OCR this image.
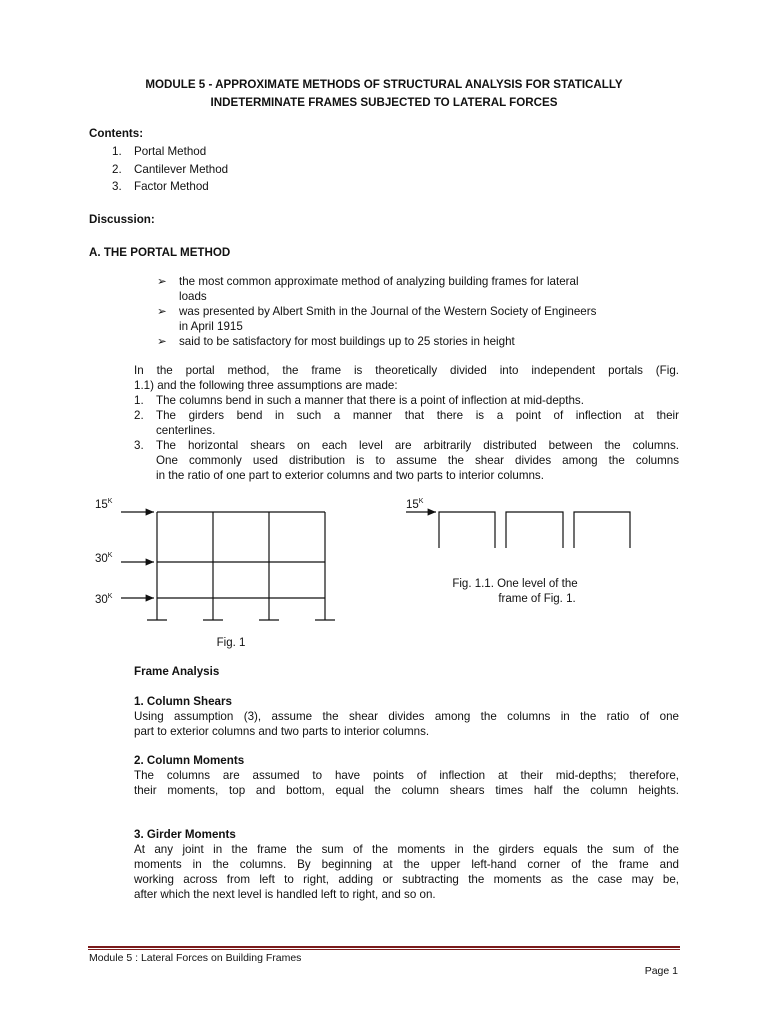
MODULE 5 - APPROXIMATE METHODS OF STRUCTURAL ANALYSIS FOR STATICALLY
INDETERMINATE FRAMES SUBJECTED TO LATERAL FORCES
Contents:
1.	Portal Method
2.	Cantilever Method
3.	Factor Method
Discussion:
A. THE PORTAL METHOD
➢	the most common approximate method of analyzing building frames for lateral
loads
➢	was presented by Albert Smith in the Journal of the Western Society of Engineers
in April 1915
➢	said to be satisfactory for most buildings up to 25 stories in height
In the portal method, the frame is theoretically divided into independent portals (Fig.
1.1) and the following three assumptions are made:
1.	The columns bend in such a manner that there is a point of inflection at mid-depths.
2.	The girders bend in such a manner that there is a point of inflection at their
centerlines.
3.	The horizontal shears on each level are arbitrarily distributed between the columns.
One commonly used distribution is to assume the shear divides among the columns
in the ratio of one part to exterior columns and two parts to interior columns.
$15^K$
$30^K$
$30^K$
Fig. 1
$15^K$
Fig. 1.1. One level of the
frame of Fig. 1.
Frame Analysis
1. Column Shears
Using assumption (3), assume the shear divides among the columns in the ratio of one
part to exterior columns and two parts to interior columns.
2. Column Moments
The columns are assumed to have points of inflection at their mid-depths; therefore,
their moments, top and bottom, equal the column shears times half the column heights.
3. Girder Moments
At any joint in the frame the sum of the moments in the girders equals the sum of the
moments in the columns. By beginning at the upper left-hand corner of the frame and
working across from left to right, adding or subtracting the moments as the case may be,
after which the next level is handled left to right, and so on.
Module 5 : Lateral Forces on Building Frames
Page 1
